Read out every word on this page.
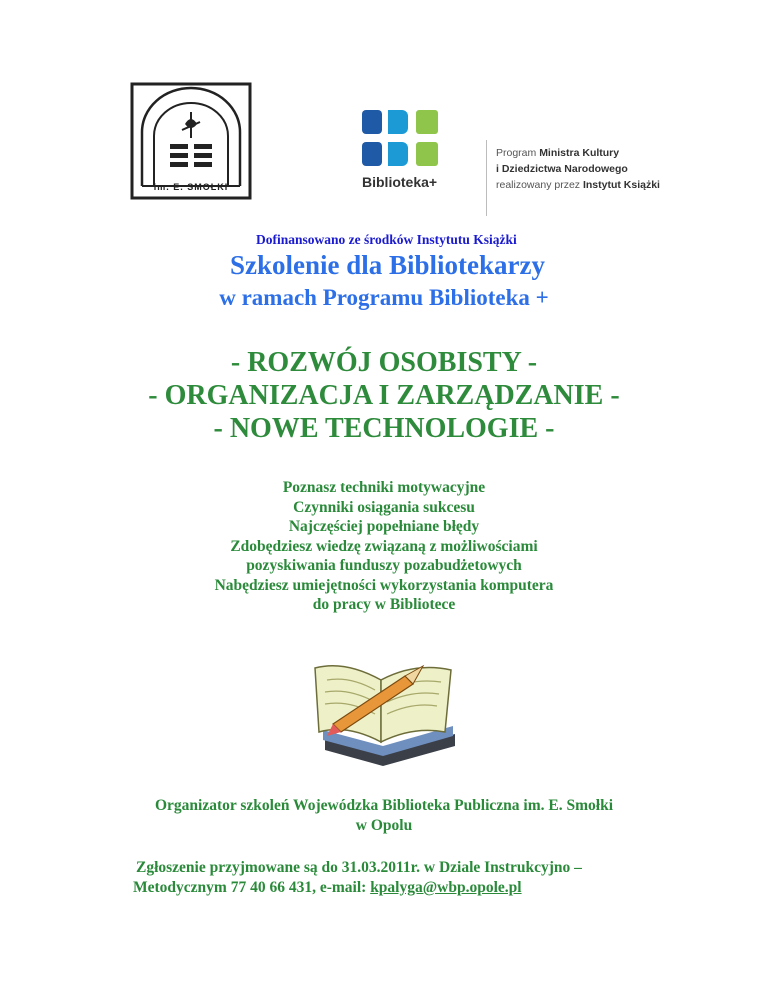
im. E. SMOŁKI	Biblioteka+
Program Ministra Kultury
i Dziedzictwa Narodowego
realizowany przez Instytut Książki
Dofinansowano ze środków Instytutu Książki
Szkolenie dla Bibliotekarzy
w ramach Programu Biblioteka +
- ROZWÓJ OSOBISTY -
- ORGANIZACJA I ZARZĄDZANIE -
- NOWE TECHNOLOGIE -
Poznasz techniki motywacyjne
Czynniki osiągania sukcesu
Najczęściej popełniane błędy
Zdobędziesz wiedzę związaną z możliwościami
pozyskiwania funduszy pozabudżetowych
Nabędziesz umiejętności wykorzystania komputera
do pracy w Bibliotece
Organizator szkoleń Wojewódzka Biblioteka Publiczna im. E. Smołki
w Opolu
Zgłoszenie przyjmowane są do 31.03.2011r. w Dziale Instrukcyjno –
Metodycznym 77 40 66 431, e-mail: kpalyga@wbp.opole.pl
